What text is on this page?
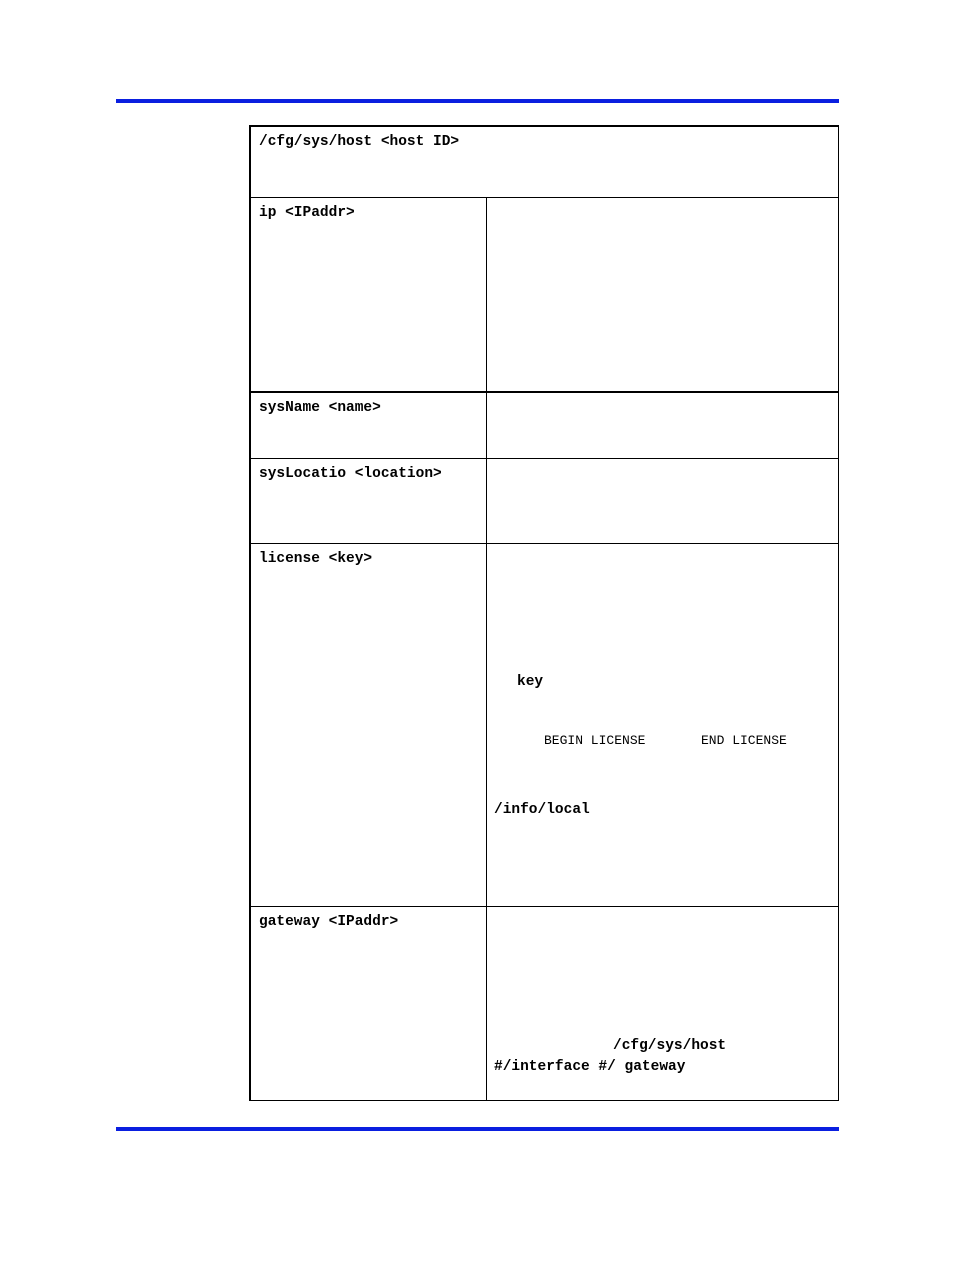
/cfg/sys/host <host ID>
ip <IPaddr>
sysName <name>
sysLocatio <location>
license <key>
key
BEGIN LICENSE	END LICENSE
/info/local
gateway <IPaddr>
/cfg/sys/host
#/interface #/ gateway
